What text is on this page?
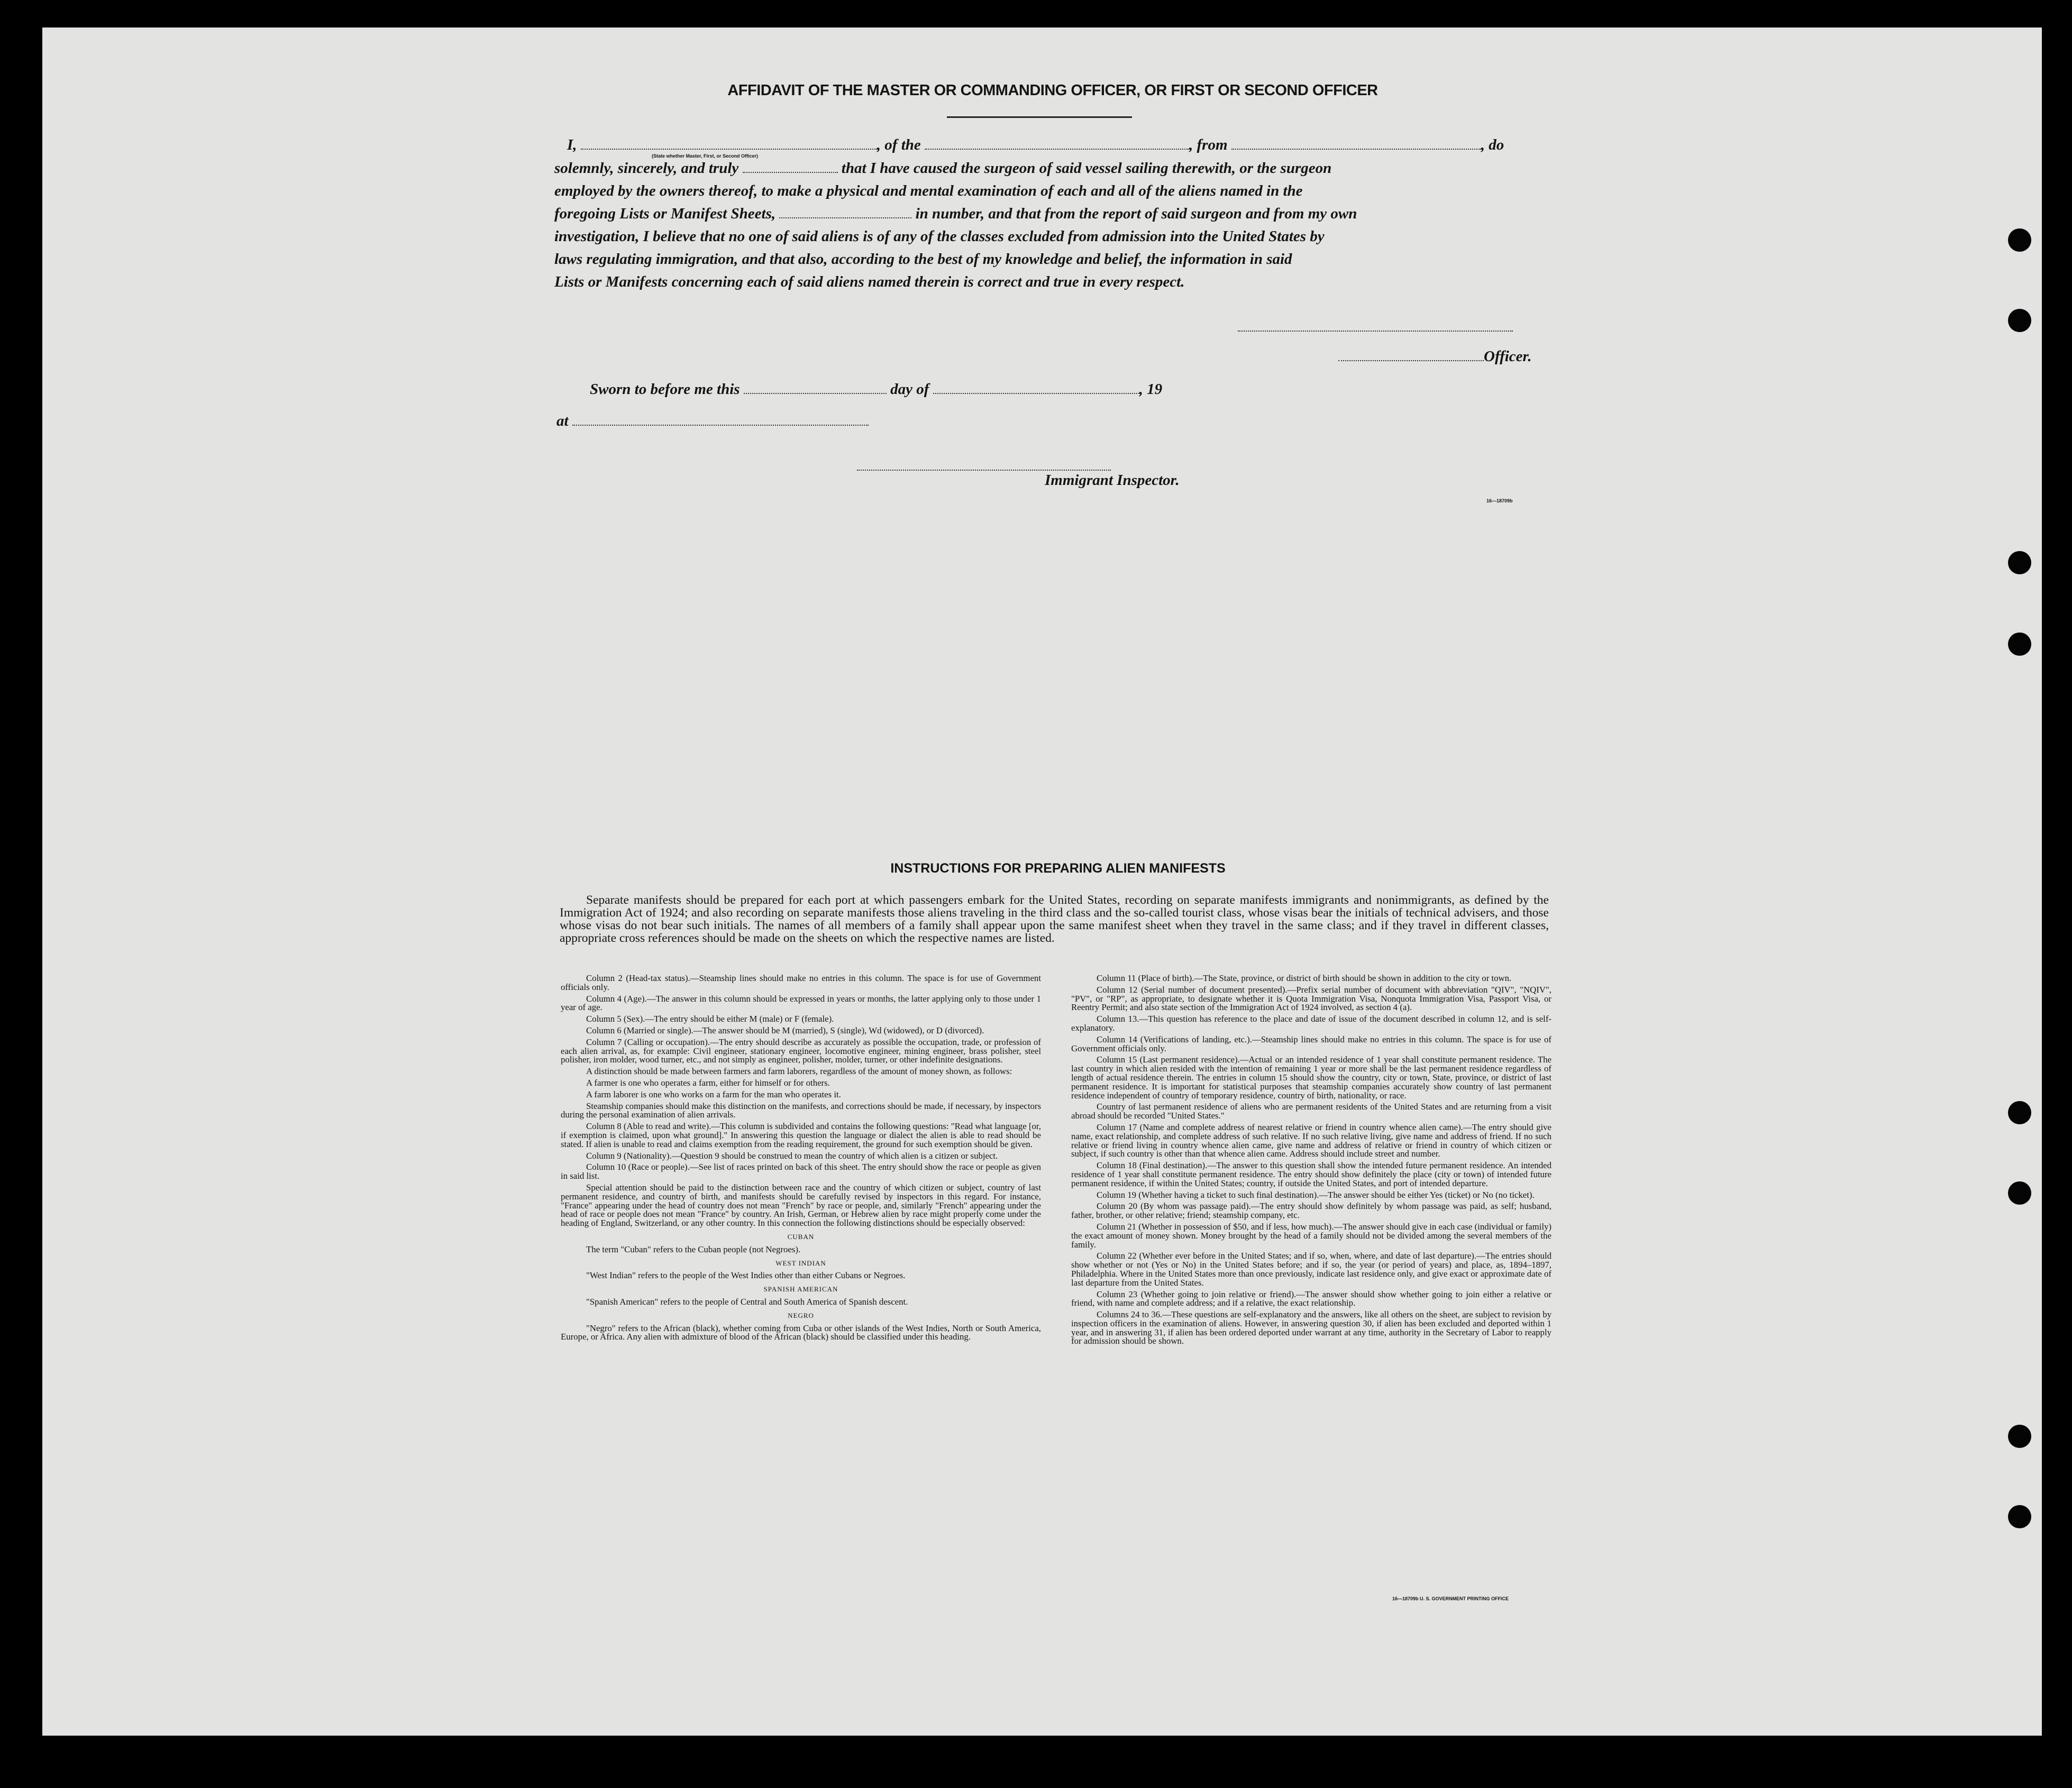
AFFIDAVIT OF THE MASTER OR COMMANDING OFFICER, OR FIRST OR SECOND OFFICER
I,	, of the	, from	, do
(State whether Master, First, or Second Officer)
solemnly, sincerely, and truly	that I have caused the surgeon of said vessel sailing therewith, or the surgeon
employed by the owners thereof, to make a physical and mental examination of each and all of the aliens named in the
foregoing Lists or Manifest Sheets,	in number, and that from the report of said surgeon and from my own
investigation, I believe that no one of said aliens is of any of the classes excluded from admission into the United States by
laws regulating immigration, and that also, according to the best of my knowledge and belief, the information in said
Lists or Manifests concerning each of said aliens named therein is correct and true in every respect.
Officer.
Sworn to before me this	day of	, 19
at
Immigrant Inspector.
16—18709b
INSTRUCTIONS FOR PREPARING ALIEN MANIFESTS
Separate manifests should be prepared for each port at which passengers embark for the United States, recording on separate manifests immigrants and nonimmigrants, as defined by the Immigration Act of 1924; and also recording on separate manifests those aliens traveling in the third class and the so-called tourist class, whose visas bear the initials of technical advisers, and those whose visas do not bear such initials. The names of all members of a family shall appear upon the same manifest sheet when they travel in the same class; and if they travel in different classes, appropriate cross references should be made on the sheets on which the respective names are listed.

Column 2 (Head-tax status).—Steamship lines should make no entries in this column. The space is for use of Government officials only.

Column 4 (Age).—The answer in this column should be expressed in years or months, the latter applying only to those under 1 year of age.

Column 5 (Sex).—The entry should be either M (male) or F (female).

Column 6 (Married or single).—The answer should be M (married), S (single), Wd (widowed), or D (divorced).

Column 7 (Calling or occupation).—The entry should describe as accurately as possible the occupation, trade, or profession of each alien arrival, as, for example: Civil engineer, stationary engineer, locomotive engineer, mining engineer, brass polisher, steel polisher, iron molder, wood turner, etc., and not simply as engineer, polisher, molder, turner, or other indefinite designations.

A distinction should be made between farmers and farm laborers, regardless of the amount of money shown, as follows:

A farmer is one who operates a farm, either for himself or for others.

A farm laborer is one who works on a farm for the man who operates it.

Steamship companies should make this distinction on the manifests, and corrections should be made, if necessary, by inspectors during the personal examination of alien arrivals.

Column 8 (Able to read and write).—This column is subdivided and contains the following questions: "Read what language [or, if exemption is claimed, upon what ground]." In answering this question the language or dialect the alien is able to read should be stated. If alien is unable to read and claims exemption from the reading requirement, the ground for such exemption should be given.

Column 9 (Nationality).—Question 9 should be construed to mean the country of which alien is a citizen or subject.

Column 10 (Race or people).—See list of races printed on back of this sheet. The entry should show the race or people as given in said list.

Special attention should be paid to the distinction between race and the country of which citizen or subject, country of last permanent residence, and country of birth, and manifests should be carefully revised by inspectors in this regard. For instance, "France" appearing under the head of country does not mean "French" by race or people, and, similarly "French" appearing under the head of race or people does not mean "France" by country. An Irish, German, or Hebrew alien by race might properly come under the heading of England, Switzerland, or any other country. In this connection the following distinctions should be especially observed:

CUBAN

The term "Cuban" refers to the Cuban people (not Negroes).

WEST INDIAN

"West Indian" refers to the people of the West Indies other than either Cubans or Negroes.

SPANISH AMERICAN

"Spanish American" refers to the people of Central and South America of Spanish descent.

NEGRO

"Negro" refers to the African (black), whether coming from Cuba or other islands of the West Indies, North or South America, Europe, or Africa. Any alien with admixture of blood of the African (black) should be classified under this heading.

Column 11 (Place of birth).—The State, province, or district of birth should be shown in addition to the city or town.

Column 12 (Serial number of document presented).—Prefix serial number of document with abbreviation "QIV", "NQIV", "PV", or "RP", as appropriate, to designate whether it is Quota Immigration Visa, Nonquota Immigration Visa, Passport Visa, or Reentry Permit; and also state section of the Immigration Act of 1924 involved, as section 4 (a).

Column 13.—This question has reference to the place and date of issue of the document described in column 12, and is self-explanatory.

Column 14 (Verifications of landing, etc.).—Steamship lines should make no entries in this column. The space is for use of Government officials only.

Column 15 (Last permanent residence).—Actual or an intended residence of 1 year shall constitute permanent residence. The last country in which alien resided with the intention of remaining 1 year or more shall be the last permanent residence regardless of length of actual residence therein. The entries in column 15 should show the country, city or town, State, province, or district of last permanent residence. It is important for statistical purposes that steamship companies accurately show country of last permanent residence independent of country of temporary residence, country of birth, nationality, or race.

Country of last permanent residence of aliens who are permanent residents of the United States and are returning from a visit abroad should be recorded "United States."

Column 17 (Name and complete address of nearest relative or friend in country whence alien came).—The entry should give name, exact relationship, and complete address of such relative. If no such relative living, give name and address of friend. If no such relative or friend living in country whence alien came, give name and address of relative or friend in country of which citizen or subject, if such country is other than that whence alien came. Address should include street and number.

Column 18 (Final destination).—The answer to this question shall show the intended future permanent residence. An intended residence of 1 year shall constitute permanent residence. The entry should show definitely the place (city or town) of intended future permanent residence, if within the United States; country, if outside the United States, and port of intended departure.

Column 19 (Whether having a ticket to such final destination).—The answer should be either Yes (ticket) or No (no ticket).

Column 20 (By whom was passage paid).—The entry should show definitely by whom passage was paid, as self; husband, father, brother, or other relative; friend; steamship company, etc.

Column 21 (Whether in possession of $50, and if less, how much).—The answer should give in each case (individual or family) the exact amount of money shown. Money brought by the head of a family should not be divided among the several members of the family.

Column 22 (Whether ever before in the United States; and if so, when, where, and date of last departure).—The entries should show whether or not (Yes or No) in the United States before; and if so, the year (or period of years) and place, as, 1894–1897, Philadelphia. Where in the United States more than once previously, indicate last residence only, and give exact or approximate date of last departure from the United States.

Column 23 (Whether going to join relative or friend).—The answer should show whether going to join either a relative or friend, with name and complete address; and if a relative, the exact relationship.

Columns 24 to 36.—These questions are self-explanatory and the answers, like all others on the sheet, are subject to revision by inspection officers in the examination of aliens. However, in answering question 30, if alien has been excluded and deported within 1 year, and in answering 31, if alien has been ordered deported under warrant at any time, authority in the Secretary of Labor to reapply for admission should be shown.

16—18709b U. S. GOVERNMENT PRINTING OFFICE
